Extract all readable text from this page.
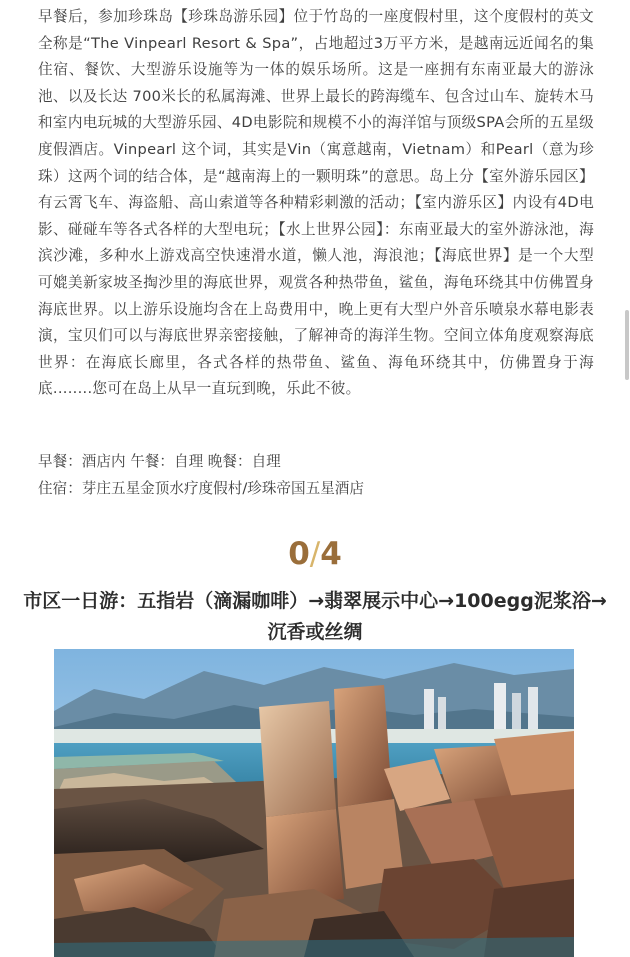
早餐后，参加珍珠岛【珍珠岛游乐园】位于竹岛的一座度假村里，这个度假村的英文全称是“The Vinpearl Resort & Spa”，占地超过3万平方米，是越南远近闻名的集住宿、餐饮、大型游乐设施等为一体的娱乐场所。这是一座拥有东南亚最大的游泳池、以及长达 700米长的私属海滩、世界上最长的跨海缆车、包含过山车、旋转木马和室内电玩城的大型游乐园、4D电影院和规模不小的海洋馆与顶级SPA会所的五星级度假酒店。Vinpearl 这个词，其实是Vin（寓意越南，Vietnam）和Pearl（意为珍珠）这两个词的结合体，是“越南海上的一颗明珠”的意思。岛上分【室外游乐园区】有云霄飞车、海盗船、高山索道等各种精彩刺激的活动；【室内游乐区】内设有4D电影、碰碰车等各式各样的大型电玩；【水上世界公园】：东南亚最大的室外游泳池，海滨沙滩，多种水上游戏高空快速滑水道，懒人池，海浪池；【海底世界】是一个大型可媲美新家坡圣掏沙里的海底世界，观赏各种热带鱼，鲨鱼，海龟环绕其中仿佛置身海底世界。以上游乐设施均含在上岛费用中，晚上更有大型户外音乐喷泉水幕电影表演，宝贝们可以与海底世界亲密接触，了解神奇的海洋生物。空间立体角度观察海底世界：在海底长廊里，各式各样的热带鱼、鲨鱼、海龟环绕其中，仿佛置身于海底........您可在岛上从早一直玩到晚，乐此不彼。

早餐：酒店内 午餐：自理 晚餐：自理
住宿：芽庄五星金顶水疗度假村/珍珠帝国五星酒店
0/4
市区一日游：五指岩（滴漏咖啡）→翡翠展示中心→100egg泥浆浴→沉香或丝绸
